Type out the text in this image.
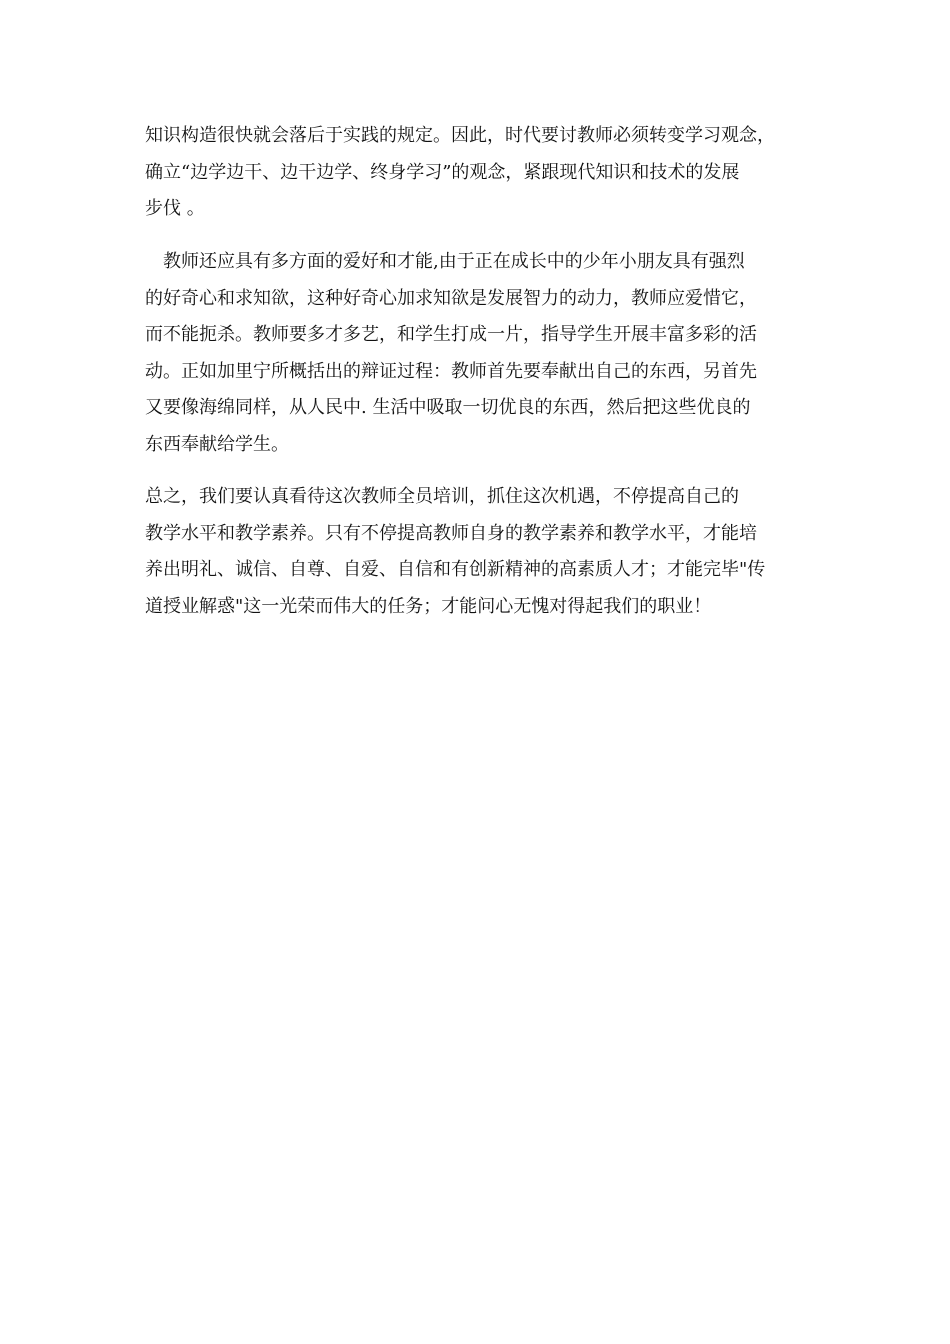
知识构造很快就会落后于实践的规定。因此，时代要讨教师必须转变学习观念，
确立“边学边干、边干边学、终身学习”的观念，紧跟现代知识和技术的发展
步伐 。
　教师还应具有多方面的爱好和才能,由于正在成长中的少年小朋友具有强烈
的好奇心和求知欲，这种好奇心加求知欲是发展智力的动力，教师应爱惜它，
而不能扼杀。教师要多才多艺，和学生打成一片，指导学生开展丰富多彩的活
动。正如加里宁所概括出的辩证过程：教师首先要奉献出自己的东西，另首先
又要像海绵同样，从人民中. 生活中吸取一切优良的东西，然后把这些优良的
东西奉献给学生。
总之，我们要认真看待这次教师全员培训，抓住这次机遇，不停提高自己的
教学水平和教学素养。只有不停提高教师自身的教学素养和教学水平，才能培
养出明礼、诚信、自尊、自爱、自信和有创新精神的高素质人才；才能完毕"传
道授业解惑"这一光荣而伟大的任务；才能问心无愧对得起我们的职业！
